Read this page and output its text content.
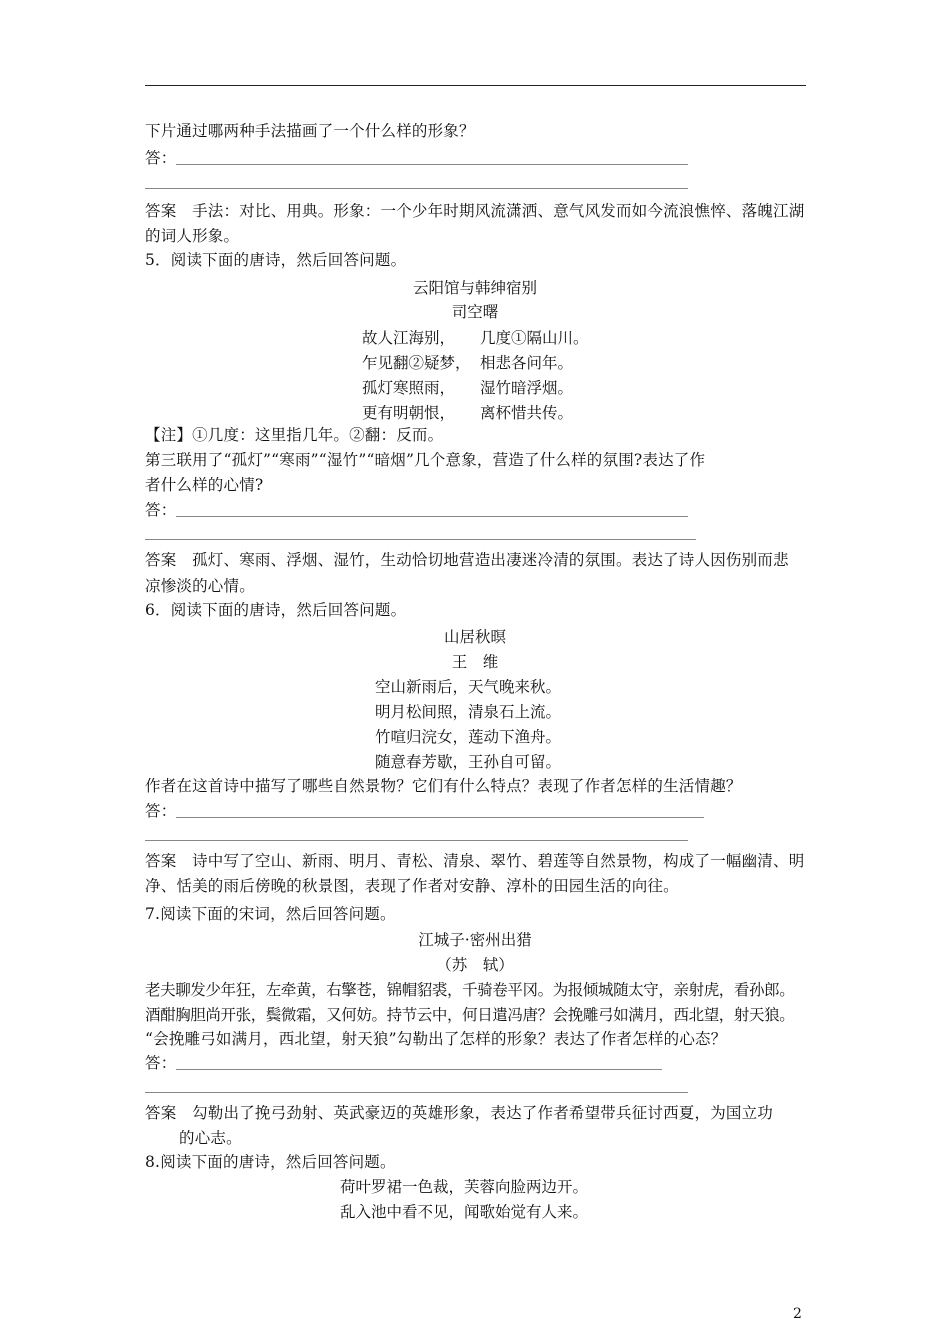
下片通过哪两种手法描画了一个什么样的形象？
答：
答案　手法：对比、用典。形象：一个少年时期风流潇洒、意气风发而如今流浪憔悴、落魄江湖
的词人形象。
5．阅读下面的唐诗，然后回答问题。
云阳馆与韩绅宿别
司空曙
故人江海别， 几度①隔山川。
乍见翻②疑梦， 相悲各问年。
孤灯寒照雨， 湿竹暗浮烟。
更有明朝恨， 离杯惜共传。
【注】①几度：这里指几年。②翻：反而。
第三联用了“孤灯”“寒雨”“湿竹”“暗烟”几个意象，营造了什么样的氛围?表达了作
者什么样的心情?
答：
答案　孤灯、寒雨、浮烟、湿竹，生动恰切地营造出凄迷冷清的氛围。表达了诗人因伤别而悲
凉惨淡的心情。
6．阅读下面的唐诗，然后回答问题。
山居秋暝
王　维
空山新雨后，天气晚来秋。
明月松间照，清泉石上流。
竹喧归浣女，莲动下渔舟。
随意春芳歇，王孙自可留。
作者在这首诗中描写了哪些自然景物？它们有什么特点？表现了作者怎样的生活情趣？
答：
答案　诗中写了空山、新雨、明月、青松、清泉、翠竹、碧莲等自然景物，构成了一幅幽清、明
净、恬美的雨后傍晚的秋景图，表现了作者对安静、淳朴的田园生活的向往。
7.阅读下面的宋词，然后回答问题。
江城子·密州出猎
（苏　轼）
老夫聊发少年狂，左牵黄，右擎苍，锦帽貂裘，千骑卷平冈。为报倾城随太守，亲射虎，看孙郎。
酒酣胸胆尚开张，鬓微霜，又何妨。持节云中，何日遣冯唐？会挽雕弓如满月，西北望，射天狼。
“会挽雕弓如满月，西北望，射天狼”勾勒出了怎样的形象？表达了作者怎样的心态？
答：
答案　勾勒出了挽弓劲射、英武豪迈的英雄形象，表达了作者希望带兵征讨西夏，为国立功
的心志。
8.阅读下面的唐诗，然后回答问题。
荷叶罗裙一色裁，芙蓉向脸两边开。
乱入池中看不见，闻歌始觉有人来。
2
